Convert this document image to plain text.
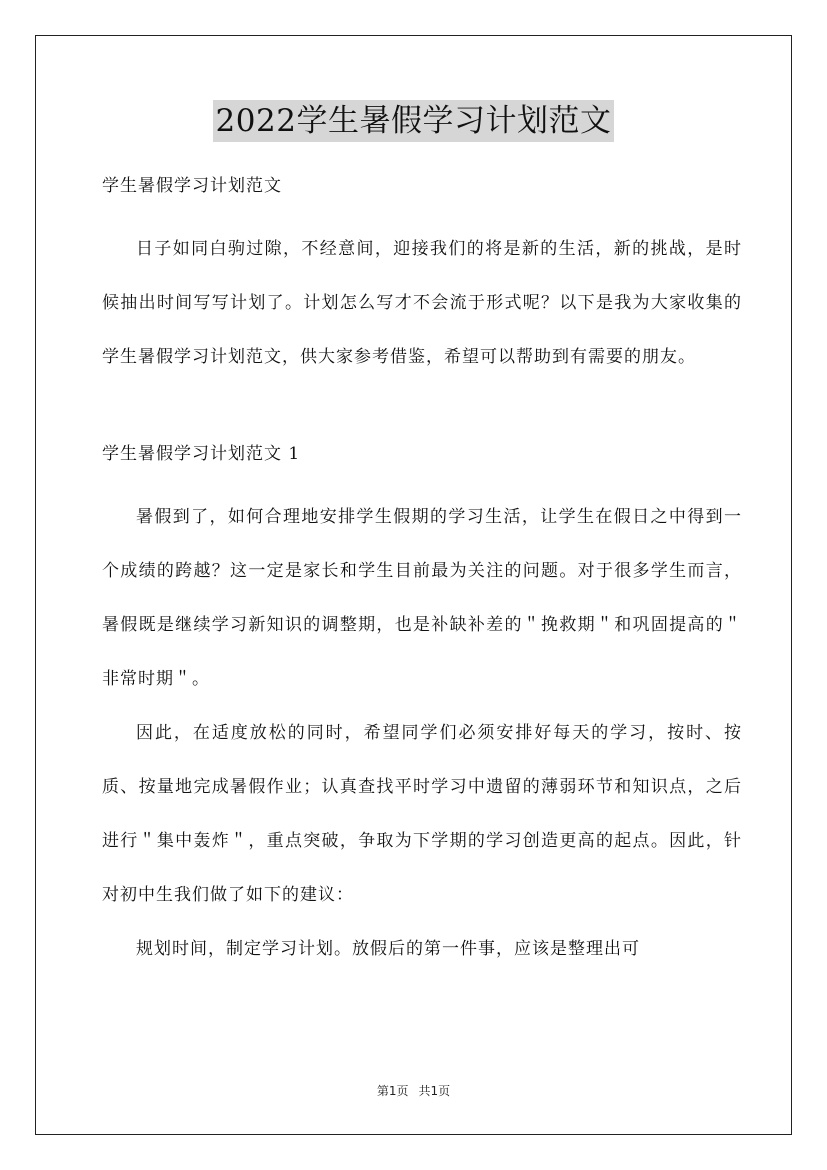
2022学生暑假学习计划范文

学生暑假学习计划范文

日子如同白驹过隙，不经意间，迎接我们的将是新的生活，新的挑战，是时候抽出时间写写计划了。计划怎么写才不会流于形式呢？以下是我为大家收集的学生暑假学习计划范文，供大家参考借鉴，希望可以帮助到有需要的朋友。

学生暑假学习计划范文 1

暑假到了，如何合理地安排学生假期的学习生活，让学生在假日之中得到一个成绩的跨越？这一定是家长和学生目前最为关注的问题。对于很多学生而言，暑假既是继续学习新知识的调整期，也是补缺补差的＂挽救期＂和巩固提高的＂非常时期＂。

因此，在适度放松的同时，希望同学们必须安排好每天的学习，按时、按质、按量地完成暑假作业；认真查找平时学习中遗留的薄弱环节和知识点，之后进行＂集中轰炸＂，重点突破，争取为下学期的学习创造更高的起点。因此，针对初中生我们做了如下的建议：

规划时间，制定学习计划。放假后的第一件事，应该是整理出可

第1页 共1页
